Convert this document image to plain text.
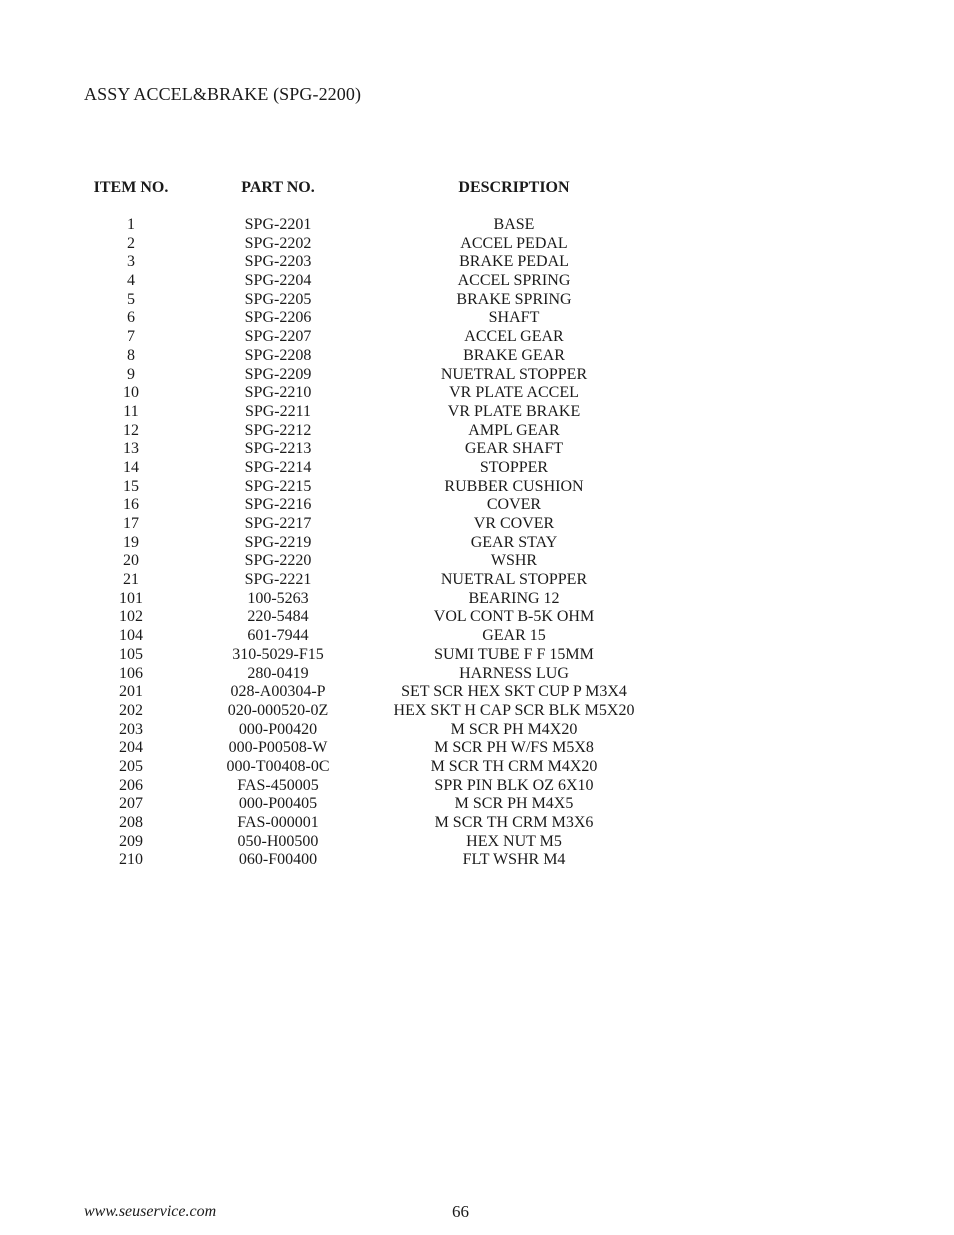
ASSY ACCEL&BRAKE (SPG-2200)
ITEM NO.	PART NO.	DESCRIPTION
1	SPG-2201	BASE
2	SPG-2202	ACCEL PEDAL
3	SPG-2203	BRAKE PEDAL
4	SPG-2204	ACCEL SPRING
5	SPG-2205	BRAKE SPRING
6	SPG-2206	SHAFT
7	SPG-2207	ACCEL GEAR
8	SPG-2208	BRAKE GEAR
9	SPG-2209	NUETRAL STOPPER
10	SPG-2210	VR PLATE ACCEL
11	SPG-2211	VR PLATE BRAKE
12	SPG-2212	AMPL GEAR
13	SPG-2213	GEAR SHAFT
14	SPG-2214	STOPPER
15	SPG-2215	RUBBER CUSHION
16	SPG-2216	COVER
17	SPG-2217	VR COVER
19	SPG-2219	GEAR STAY
20	SPG-2220	WSHR
21	SPG-2221	NUETRAL STOPPER
101	100-5263	BEARING 12
102	220-5484	VOL CONT B-5K OHM
104	601-7944	GEAR 15
105	310-5029-F15	SUMI TUBE F F 15MM
106	280-0419	HARNESS LUG
201	028-A00304-P	SET SCR HEX SKT CUP P M3X4
202	020-000520-0Z	HEX SKT H CAP SCR BLK M5X20
203	000-P00420	M SCR PH M4X20
204	000-P00508-W	M SCR PH W/FS M5X8
205	000-T00408-0C	M SCR TH CRM M4X20
206	FAS-450005	SPR PIN BLK OZ 6X10
207	000-P00405	M SCR PH M4X5
208	FAS-000001	M SCR TH CRM M3X6
209	050-H00500	HEX NUT M5
210	060-F00400	FLT WSHR M4
www.seuservice.com	66
